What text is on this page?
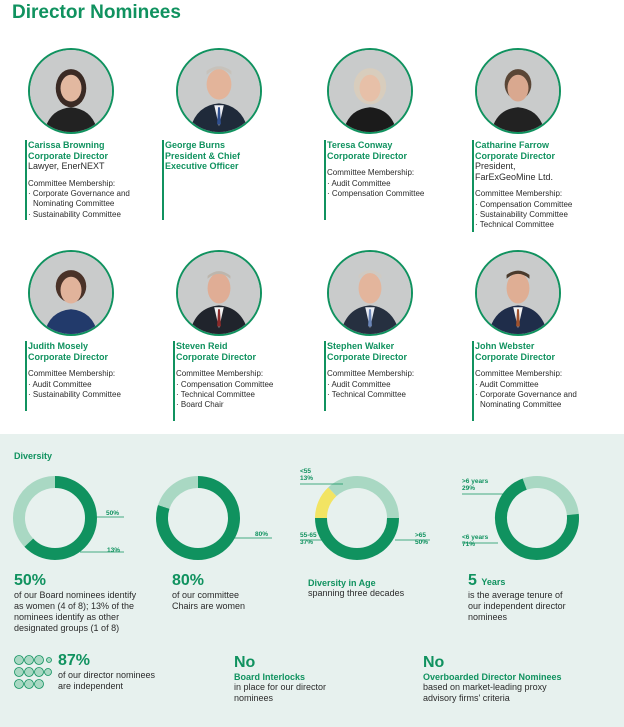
Director Nominees
Carissa Browning
Corporate Director
Lawyer, EnerNEXT
Committee Membership:
· Corporate Governance and
Nominating Committee
· Sustainability Committee
George Burns
President & Chief
Executive Officer
Teresa Conway
Corporate Director
Committee Membership:
· Audit Committee
· Compensation Committee
Catharine Farrow
Corporate Director
President,
FarExGeoMine Ltd.
Committee Membership:
· Compensation Committee
· Sustainability Committee
· Technical Committee
Judith Mosely
Corporate Director
Committee Membership:
· Audit Committee
· Sustainability Committee
Steven Reid
Corporate Director
Committee Membership:
· Compensation Committee
· Technical Committee
· Board Chair
Stephen Walker
Corporate Director
Committee Membership:
· Audit Committee
· Technical Committee
John Webster
Corporate Director
Committee Membership:
· Audit Committee
· Corporate Governance and
Nominating Committee
Diversity
50%
13%
80%
<55
13%
55-65
37%
>65
50%
>6 years
29%
<6 years
71%
50%
of our Board nominees identify
as women (4 of 8); 13% of the
nominees identify as other
designated groups (1 of 8)
80%
of our committee
Chairs are women
Diversity in Age
spanning three decades
5 Years
is the average tenure of
our independent director
nominees
87%
of our director nominees
are independent
No
Board Interlocks
in place for our director
nominees
No
Overboarded Director Nominees
based on market-leading proxy
advisory firms' criteria
